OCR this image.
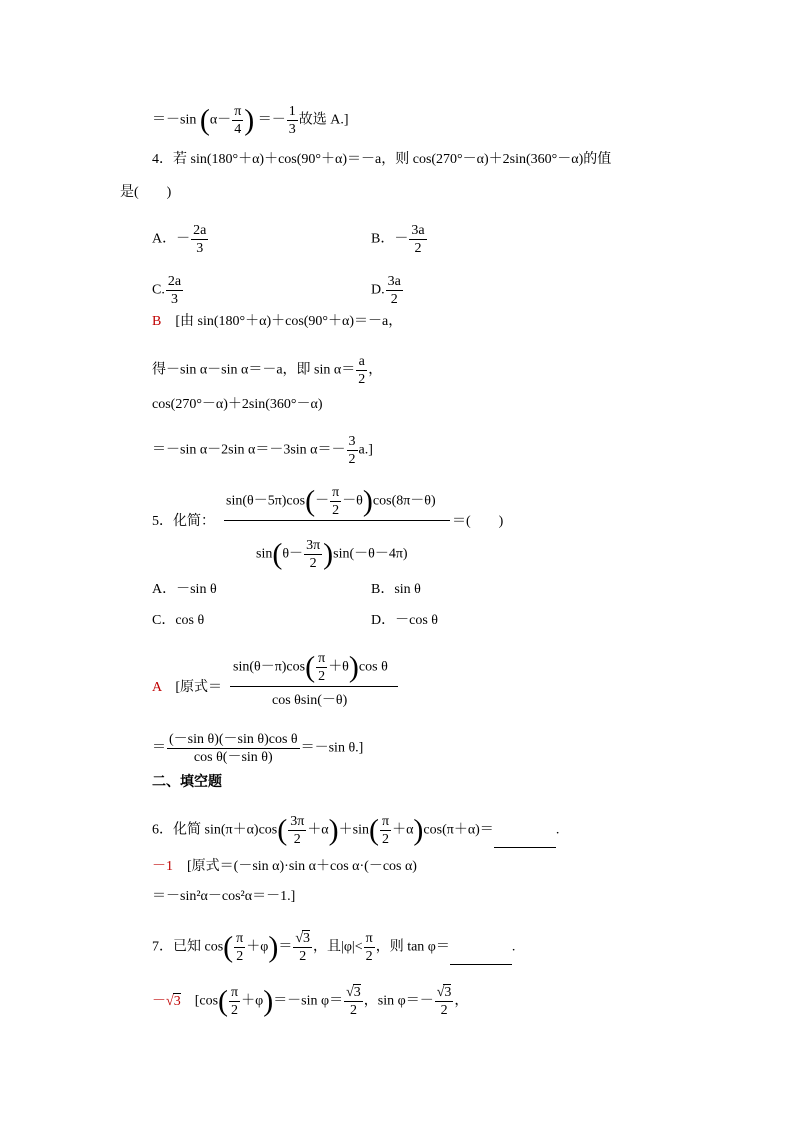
＝－sin ($\alpha- \frac{\pi}{4}$ ) ＝－ $\frac{1}{3}$ 故选 A.]
4．若 sin(180°＋α)＋cos(90°＋α)＝－a，则 cos(270°－α)＋2sin(360°－α)的值
是(　　)
A．－ $\frac{2a}{3}$	B．－ $\frac{3a}{2}$
C. $\frac{2a}{3}$	D. $\frac{3a}{2}$
B　 [由 sin(180°＋α)＋cos(90°＋α)＝－a，
得－sin α－sin α＝－a，即 $\sin \alpha= \frac{a}{2}$ ，
cos(270°－α)＋2sin(360°－α)
＝－sin α－2sin α＝－3sin $\alpha=- \frac{3}{2} a$.]
5．化简：
$\sin(\theta-5\pi)\cos(- \frac{\pi}{2} -\theta)\cos(8\pi-\theta)$
$\sin(\theta- \frac{3\pi}{2} )\sin(-\theta-4\pi)$
＝(　　)
A．－sin θ	B．sin θ
C．cos θ	D．－cos θ
A　 [原式＝
$\sin(\theta-\pi)\cos( \frac{\pi}{2} +\theta)\cos$ θ
cos θsin(－θ)
＝ $\frac{\text{(－sin θ)(－sin θ)cos θ}}{\text{cos θ(－sin θ)}} =-\sin$ θ.]
二、填空题
6．化简 $\sin(\pi+\alpha)\cos( \frac{3\pi}{2} +\alpha)+\sin( \frac{\pi}{2} +\alpha)\cos(\pi+\alpha)=$	.
－1　 [原式＝(－sin α)·sin α＋cos α·(－cos α)
＝－sin²α－cos²α＝－1.]
7．已知 $\cos( \frac{\pi}{2} +\varphi)= \frac{√3}{2}$ ，且$|\varphi|< \frac{\pi}{2}$ ，则 tan φ＝	.
－√3　 [$\cos( \frac{\pi}{2} +\varphi)=-\sin$ $\varphi= \frac{√3}{2}$ ，$\sin \varphi=- \frac{√3}{2}$ ，
